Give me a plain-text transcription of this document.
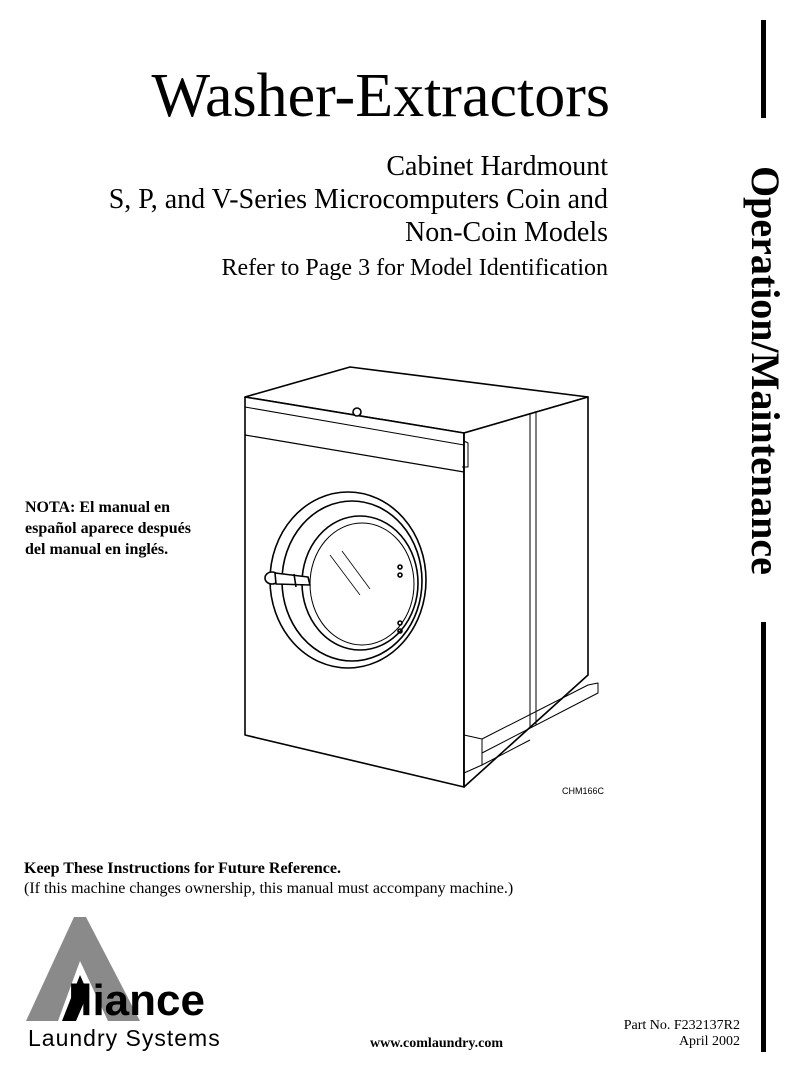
Washer-Extractors
Cabinet Hardmount
S, P, and V-Series Microcomputers Coin and
Non-Coin Models
Refer to Page 3 for Model Identification	Operation/Maintenance
NOTA: El manual en
español aparece después
del manual en inglés.
CHM166C
Keep These Instructions for Future Reference.
(If this machine changes ownership, this manual must accompany machine.)
lliance
Laundry Systems	www.comlaundry.com
Part No. F232137R2
April 2002
